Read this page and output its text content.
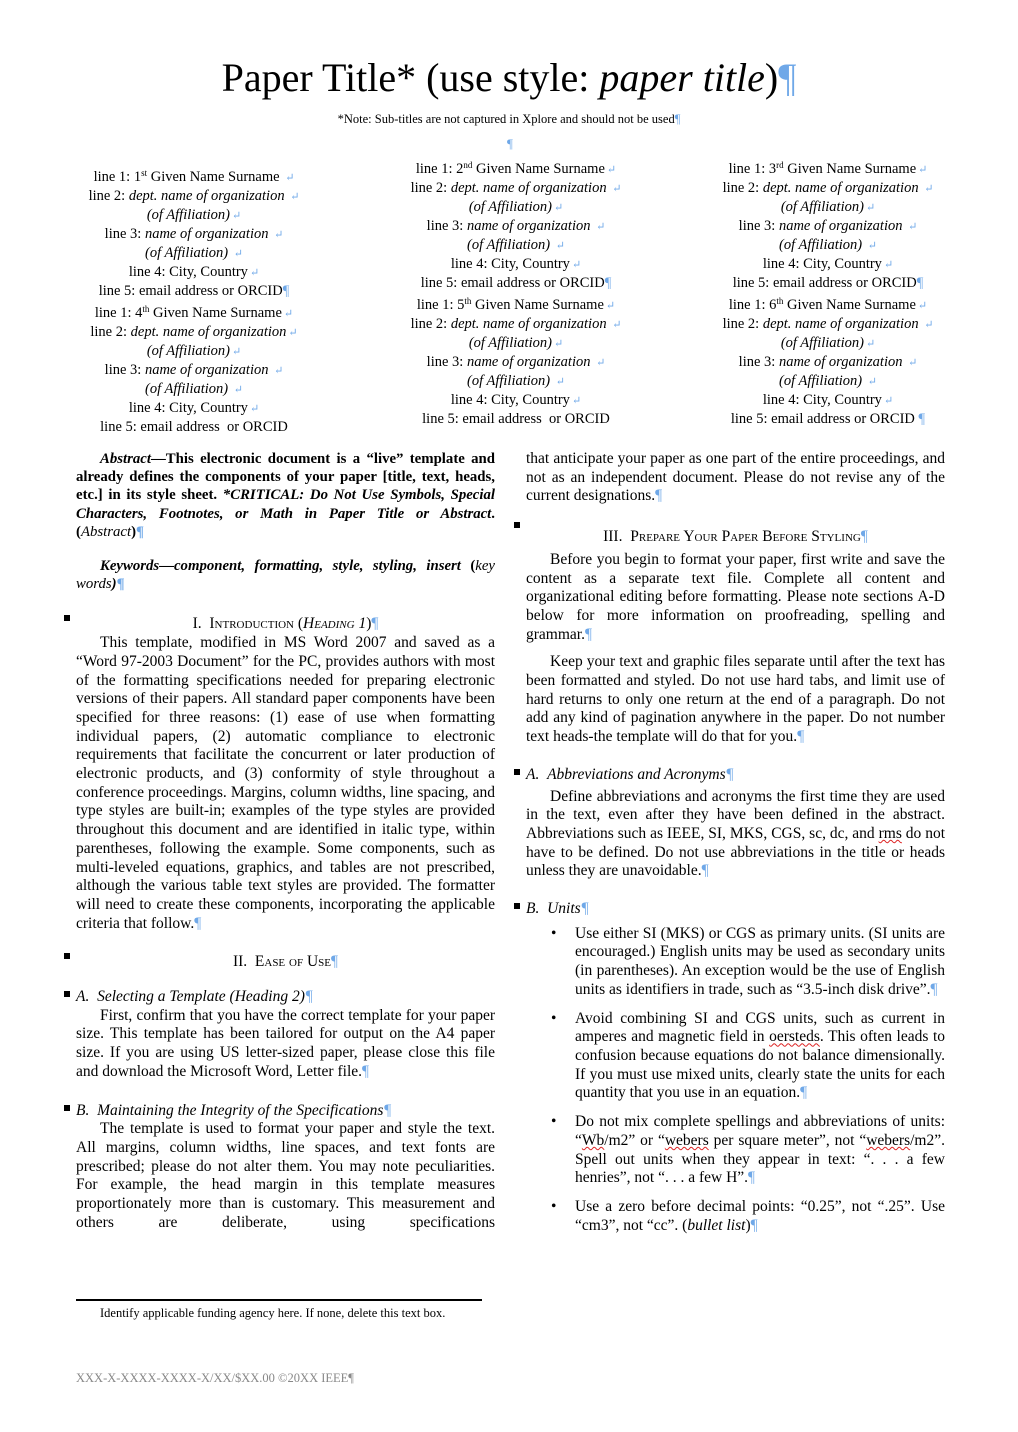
Paper Title* (use style: paper title)¶
*Note: Sub-titles are not captured in Xplore and should not be used¶
¶
line 1: 1st Given Name Surname ↵
line 2: dept. name of organization ↵
(of Affiliation) ↵
line 3: name of organization ↵
(of Affiliation) ↵
line 4: City, Country ↵
line 5: email address or ORCID¶
line 1: 2nd Given Name Surname ↵
line 2: dept. name of organization ↵
(of Affiliation) ↵
line 3: name of organization ↵
(of Affiliation) ↵
line 4: City, Country ↵
line 5: email address or ORCID¶
line 1: 3rd Given Name Surname ↵
line 2: dept. name of organization ↵
(of Affiliation) ↵
line 3: name of organization ↵
(of Affiliation) ↵
line 4: City, Country ↵
line 5: email address or ORCID¶
line 1: 4th Given Name Surname ↵
line 2: dept. name of organization ↵
(of Affiliation) ↵
line 3: name of organization ↵
(of Affiliation) ↵
line 4: City, Country ↵
line 5: email address  or ORCID
line 1: 5th Given Name Surname ↵
line 2: dept. name of organization ↵
(of Affiliation) ↵
line 3: name of organization ↵
(of Affiliation) ↵
line 4: City, Country ↵
line 5: email address  or ORCID
line 1: 6th Given Name Surname ↵
line 2: dept. name of organization ↵
(of Affiliation) ↵
line 3: name of organization ↵
(of Affiliation) ↵
line 4: City, Country ↵
line 5: email address or ORCID ¶

Abstract—This electronic document is a “live” template and already defines the components of your paper [title, text, heads, etc.] in its style sheet. *CRITICAL: Do Not Use Symbols, Special Characters, Footnotes, or Math in Paper Title or Abstract. (Abstract)¶

Keywords—component, formatting, style, styling, insert (key words)¶

I. Introduction (Heading 1)¶

This template, modified in MS Word 2007 and saved as a “Word 97-2003 Document” for the PC, provides authors with most of the formatting specifications needed for preparing electronic versions of their papers. All standard paper components have been specified for three reasons: (1) ease of use when formatting individual papers, (2) automatic compliance to electronic requirements that facilitate the concurrent or later production of electronic products, and (3) conformity of style throughout a conference proceedings. Margins, column widths, line spacing, and type styles are built-in; examples of the type styles are provided throughout this document and are identified in italic type, within parentheses, following the example. Some components, such as multi-leveled equations, graphics, and tables are not prescribed, although the various table text styles are provided. The formatter will need to create these components, incorporating the applicable criteria that follow.¶

II. Ease of Use¶

A. Selecting a Template (Heading 2)¶

First, confirm that you have the correct template for your paper size. This template has been tailored for output on the A4 paper size. If you are using US letter-sized paper, please close this file and download the Microsoft Word, Letter file.¶

B. Maintaining the Integrity of the Specifications¶

The template is used to format your paper and style the text. All margins, column widths, line spaces, and text fonts are prescribed; please do not alter them. You may note peculiarities. For example, the head margin in this template measures proportionately more than is customary. This measurement and others are deliberate, using specifications

Identify applicable funding agency here. If none, delete this text box.
XXX-X-XXXX-XXXX-X/XX/$XX.00 ©20XX IEEE¶

that anticipate your paper as one part of the entire proceedings, and not as an independent document. Please do not revise any of the current designations.¶

III. Prepare Your Paper Before Styling¶

Before you begin to format your paper, first write and save the content as a separate text file. Complete all content and organizational editing before formatting. Please note sections A-D below for more information on proofreading, spelling and grammar.¶

Keep your text and graphic files separate until after the text has been formatted and styled. Do not use hard tabs, and limit use of hard returns to only one return at the end of a paragraph. Do not add any kind of pagination anywhere in the paper. Do not number text heads-the template will do that for you.¶

A. Abbreviations and Acronyms¶

Define abbreviations and acronyms the first time they are used in the text, even after they have been defined in the abstract. Abbreviations such as IEEE, SI, MKS, CGS, sc, dc, and rms do not have to be defined. Do not use abbreviations in the title or heads unless they are unavoidable.¶

B. Units¶

• Use either SI (MKS) or CGS as primary units. (SI units are encouraged.) English units may be used as secondary units (in parentheses). An exception would be the use of English units as identifiers in trade, such as “3.5-inch disk drive”.¶
• Avoid combining SI and CGS units, such as current in amperes and magnetic field in oersteds. This often leads to confusion because equations do not balance dimensionally. If you must use mixed units, clearly state the units for each quantity that you use in an equation.¶
• Do not mix complete spellings and abbreviations of units: “Wb/m2” or “webers per square meter”, not “webers/m2”.  Spell out units when they appear in text: “. . . a few henries”, not “. . . a few H”.¶
• Use a zero before decimal points: “0.25”, not “.25”. Use “cm3”, not “cc”. (bullet list)¶
